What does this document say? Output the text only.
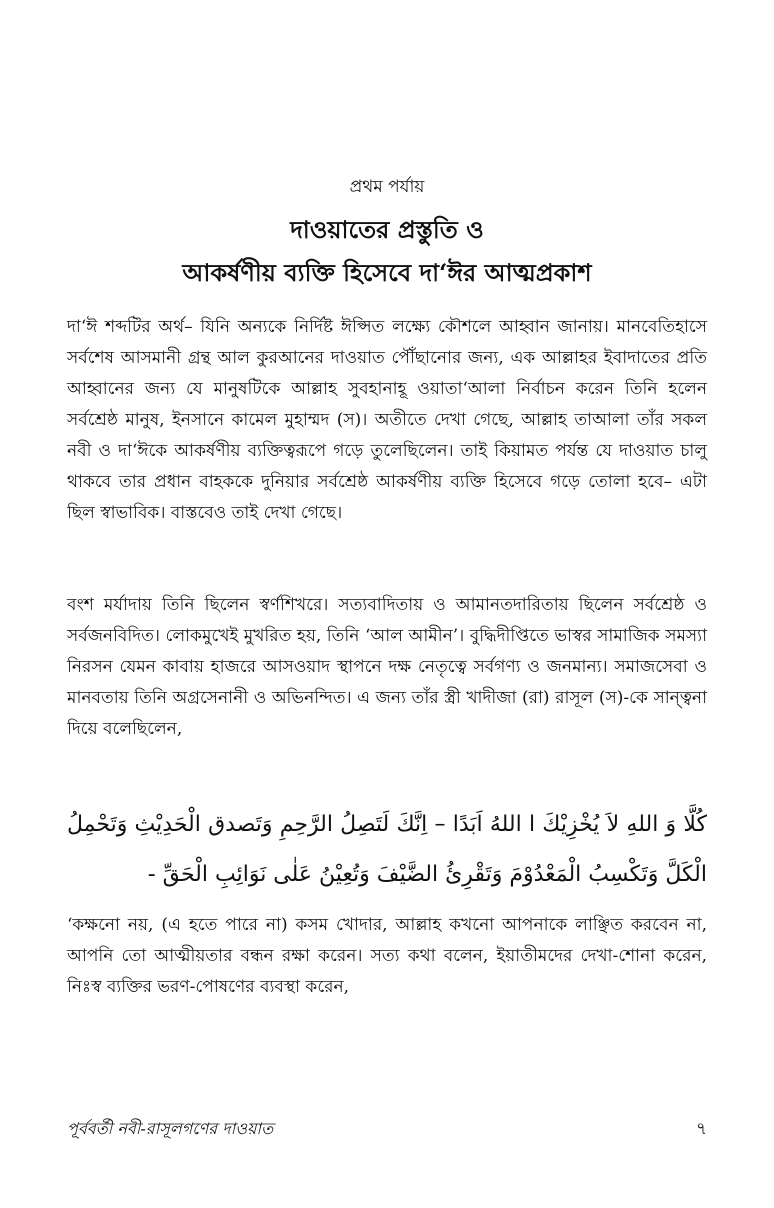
প্রথম পর্যায়
দাওয়াতের প্রস্তুতি ও
আকর্ষণীয় ব্যক্তি হিসেবে দা‘ঈর আত্মপ্রকাশ

দা‘ঈ শব্দটির অর্থ– যিনি অন্যকে নির্দিষ্ট ঈপ্সিত লক্ষ্যে কৌশলে আহ্বান জানায়। মানবেতিহাসে সর্বশেষ আসমানী গ্রন্থ আল কুরআনের দাওয়াত পৌঁছানোর জন্য, এক আল্লাহর ইবাদাতের প্রতি আহ্বানের জন্য যে মানুষটিকে আল্লাহ সুবহানাহূ ওয়াতা‘আলা নির্বাচন করেন তিনি হলেন সর্বশ্রেষ্ঠ মানুষ, ইনসানে কামেল মুহাম্মদ (স)। অতীতে দেখা গেছে, আল্লাহ তাআলা তাঁর সকল নবী ও দা‘ঈকে আকর্ষণীয় ব্যক্তিত্বরূপে গড়ে তুলেছিলেন। তাই কিয়ামত পর্যন্ত যে দাওয়াত চালু থাকবে তার প্রধান বাহককে দুনিয়ার সর্বশ্রেষ্ঠ আকর্ষণীয় ব্যক্তি হিসেবে গড়ে তোলা হবে– এটা ছিল স্বাভাবিক। বাস্তবেও তাই দেখা গেছে।

বংশ মর্যাদায় তিনি ছিলেন স্বর্ণশিখরে। সত্যবাদিতায় ও আমানতদারিতায় ছিলেন সর্বশ্রেষ্ঠ ও সর্বজনবিদিত। লোকমুখেই মুখরিত হয়, তিনি ‘আল আমীন’। বুদ্ধিদীপ্তিতে ভাস্বর সামাজিক সমস্যা নিরসন যেমন কাবায় হাজরে আসওয়াদ স্থাপনে দক্ষ নেতৃত্বে সর্বগণ্য ও জনমান্য। সমাজসেবা ও মানবতায় তিনি অগ্রসেনানী ও অভিনন্দিত। এ জন্য তাঁর স্ত্রী খাদীজা (রা) রাসূল (স)-কে সান্ত্বনা দিয়ে বলেছিলেন,

كُلَّا وَ اللهِ لاَ يُخْزِيْكَ ا اللهُ اَبَدًا – اِنَّكَ لَتَصِلُ الرَّحِمِ وَتَصدق الْحَدِيْثِ وَتَحْمِلُ الْكَلَّ وَتَكْسِبُ الْمَعْدُوْمَ وَتَقْرِئُ الضَّيْفَ وَتُعِيْنُ عَلٰى نَوَائِبِ الْحَقِّ -

‘কক্ষনো নয়, (এ হতে পারে না) কসম খোদার, আল্লাহ কখনো আপনাকে লাঞ্ছিত করবেন না, আপনি তো আত্মীয়তার বন্ধন রক্ষা করেন। সত্য কথা বলেন, ইয়াতীমদের দেখা-শোনা করেন, নিঃস্ব ব্যক্তির ভরণ-পোষণের ব্যবস্থা করেন,

পূর্ববর্তী নবী-রাসূলগণের দাওয়াত	৭
